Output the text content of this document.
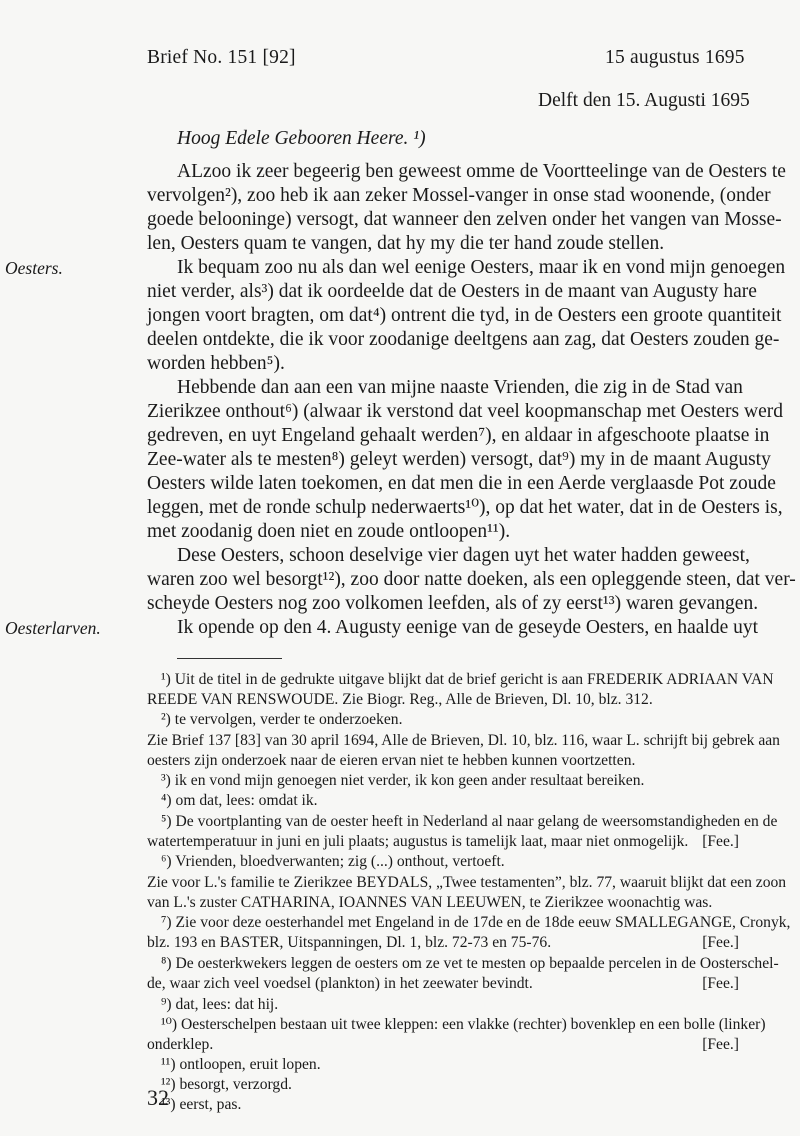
Brief No. 151 [92]	15 augustus 1695
Delft den 15. Augusti 1695
Hoog Edele Gebooren Heere. ¹)
ALzoo ik zeer begeerig ben geweest omme de Voortteelinge van de Oesters te
vervolgen²), zoo heb ik aan zeker Mossel-vanger in onse stad woonende, (onder
goede belooninge) versogt, dat wanneer den zelven onder het vangen van Mosse-
len, Oesters quam te vangen, dat hy my die ter hand zoude stellen.
Ik bequam zoo nu als dan wel eenige Oesters, maar ik en vond mijn genoegen
niet verder, als³) dat ik oordeelde dat de Oesters in de maant van Augusty hare
jongen voort bragten, om dat⁴) ontrent die tyd, in de Oesters een groote quantiteit
deelen ontdekte, die ik voor zoodanige deeltgens aan zag, dat Oesters zouden ge-
worden hebben⁵).
Hebbende dan aan een van mijne naaste Vrienden, die zig in de Stad van
Zierikzee onthout⁶) (alwaar ik verstond dat veel koopmanschap met Oesters werd
gedreven, en uyt Engeland gehaalt werden⁷), en aldaar in afgeschoote plaatse in
Zee-water als te mesten⁸) geleyt werden) versogt, dat⁹) my in de maant Augusty
Oesters wilde laten toekomen, en dat men die in een Aerde verglaasde Pot zoude
leggen, met de ronde schulp nederwaerts¹⁰), op dat het water, dat in de Oesters is,
met zoodanig doen niet en zoude ontloopen¹¹).
Dese Oesters, schoon deselvige vier dagen uyt het water hadden geweest,
waren zoo wel besorgt¹²), zoo door natte doeken, als een opleggende steen, dat ver-
scheyde Oesters nog zoo volkomen leefden, als of zy eerst¹³) waren gevangen.
Ik opende op den 4. Augusty eenige van de geseyde Oesters, en haalde uyt
Oesters.
Oesterlarven.
¹) Uit de titel in de gedrukte uitgave blijkt dat de brief gericht is aan FREDERIK ADRIAAN VAN
REEDE VAN RENSWOUDE. Zie Biogr. Reg., Alle de Brieven, Dl. 10, blz. 312.
²) te vervolgen, verder te onderzoeken.
Zie Brief 137 [83] van 30 april 1694, Alle de Brieven, Dl. 10, blz. 116, waar L. schrijft bij gebrek aan
oesters zijn onderzoek naar de eieren ervan niet te hebben kunnen voortzetten.
³) ik en vond mijn genoegen niet verder, ik kon geen ander resultaat bereiken.
⁴) om dat, lees: omdat ik.
⁵) De voortplanting van de oester heeft in Nederland al naar gelang de weersomstandigheden en de
watertemperatuur in juni en juli plaats; augustus is tamelijk laat, maar niet onmogelijk. [Fee.]
⁶) Vrienden, bloedverwanten; zig (...) onthout, vertoeft.
Zie voor L.'s familie te Zierikzee BEYDALS, „Twee testamenten”, blz. 77, waaruit blijkt dat een zoon
van L.'s zuster CATHARINA, IOANNES VAN LEEUWEN, te Zierikzee woonachtig was.
⁷) Zie voor deze oesterhandel met Engeland in de 17de en de 18de eeuw SMALLEGANGE, Cronyk,
blz. 193 en BASTER, Uitspanningen, Dl. 1, blz. 72-73 en 75-76.	[Fee.]
⁸) De oesterkwekers leggen de oesters om ze vet te mesten op bepaalde percelen in de Oosterschel-
de, waar zich veel voedsel (plankton) in het zeewater bevindt.	[Fee.]
⁹) dat, lees: dat hij.
¹⁰) Oesterschelpen bestaan uit twee kleppen: een vlakke (rechter) bovenklep en een bolle (linker)
onderklep.	[Fee.]
¹¹) ontloopen, eruit lopen.
¹²) besorgt, verzorgd.
¹³) eerst, pas.
32
